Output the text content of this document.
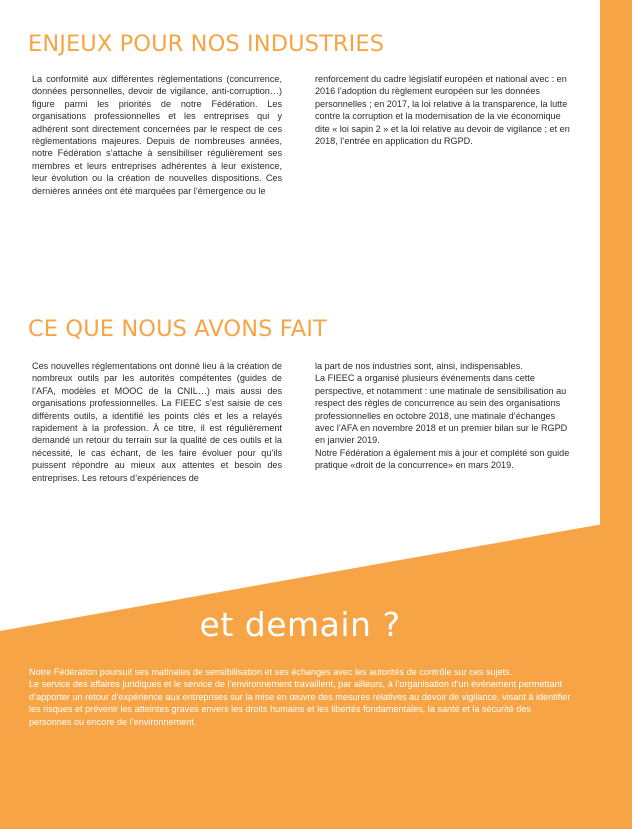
ENJEUX POUR NOS INDUSTRIES

La conformité aux différentes règlementations (concurrence, données personnelles, devoir de vigilance, anti-corruption…) figure parmi les priorités de notre Fédération. Les organisations professionnelles et les entreprises qui y adhérent sont directement concernées par le respect de ces règlementations majeures. Depuis de nombreuses années, notre Fédération s’attache à sensibiliser régulièrement ses membres et leurs entreprises adhérentes à leur existence, leur évolution ou la création de nouvelles dispositions. Ces dernières années ont été marquées par l’émergence ou le

renforcement du cadre législatif européen et national avec : en 2016 l’adoption du règlement européen sur les données personnelles ; en 2017, la loi relative à la transparence, la lutte contre la corruption et la modernisation de la vie économique dite « loi sapin 2 » et la loi relative au devoir de vigilance ; et en 2018, l’entrée en application du RGPD.

CE QUE NOUS AVONS FAIT

Ces nouvelles réglementations ont donné lieu à la création de nombreux outils par les autorités compétentes (guides de l’AFA, modèles et MOOC de la CNIL…) mais aussi des organisations professionnelles. La FIEEC s’est saisie de ces différents outils, a identifié les points clés et les a relayés rapidement à la profession. À ce titre, il est régulièrement demandé un retour du terrain sur la qualité de ces outils et la nécessité, le cas échant, de les faire évoluer pour qu’ils puissent répondre au mieux aux attentes et besoin des entreprises. Les retours d’expériences de

la part de nos industries sont, ainsi, indispensables.

La FIEEC a organisé plusieurs événements dans cette perspective, et notamment : une matinale de sensibilisation au respect des règles de concurrence au sein des organisations professionnelles en octobre 2018, une matinale d’échanges avec l’AFA en novembre 2018 et un premier bilan sur le RGPD en janvier 2019.

Notre Fédération a également mis à jour et complété son guide pratique «droit de la concurrence» en mars 2019.

et demain ?

Notre Fédération poursuit ses matinales de sensibilisation et ses échanges avec les autorités de contrôle sur ces sujets.

Le service des affaires juridiques et le service de l’environnement travaillent, par ailleurs, à l’organisation d’un événement permettant d’apporter un retour d’expérience aux entreprises sur la mise en œuvre des mesures relatives au devoir de vigilance, visant à identifier les risques et prévenir les atteintes graves envers les droits humains et les libertés fondamentales, la santé et la sécurité des personnes ou encore de l’environnement.
